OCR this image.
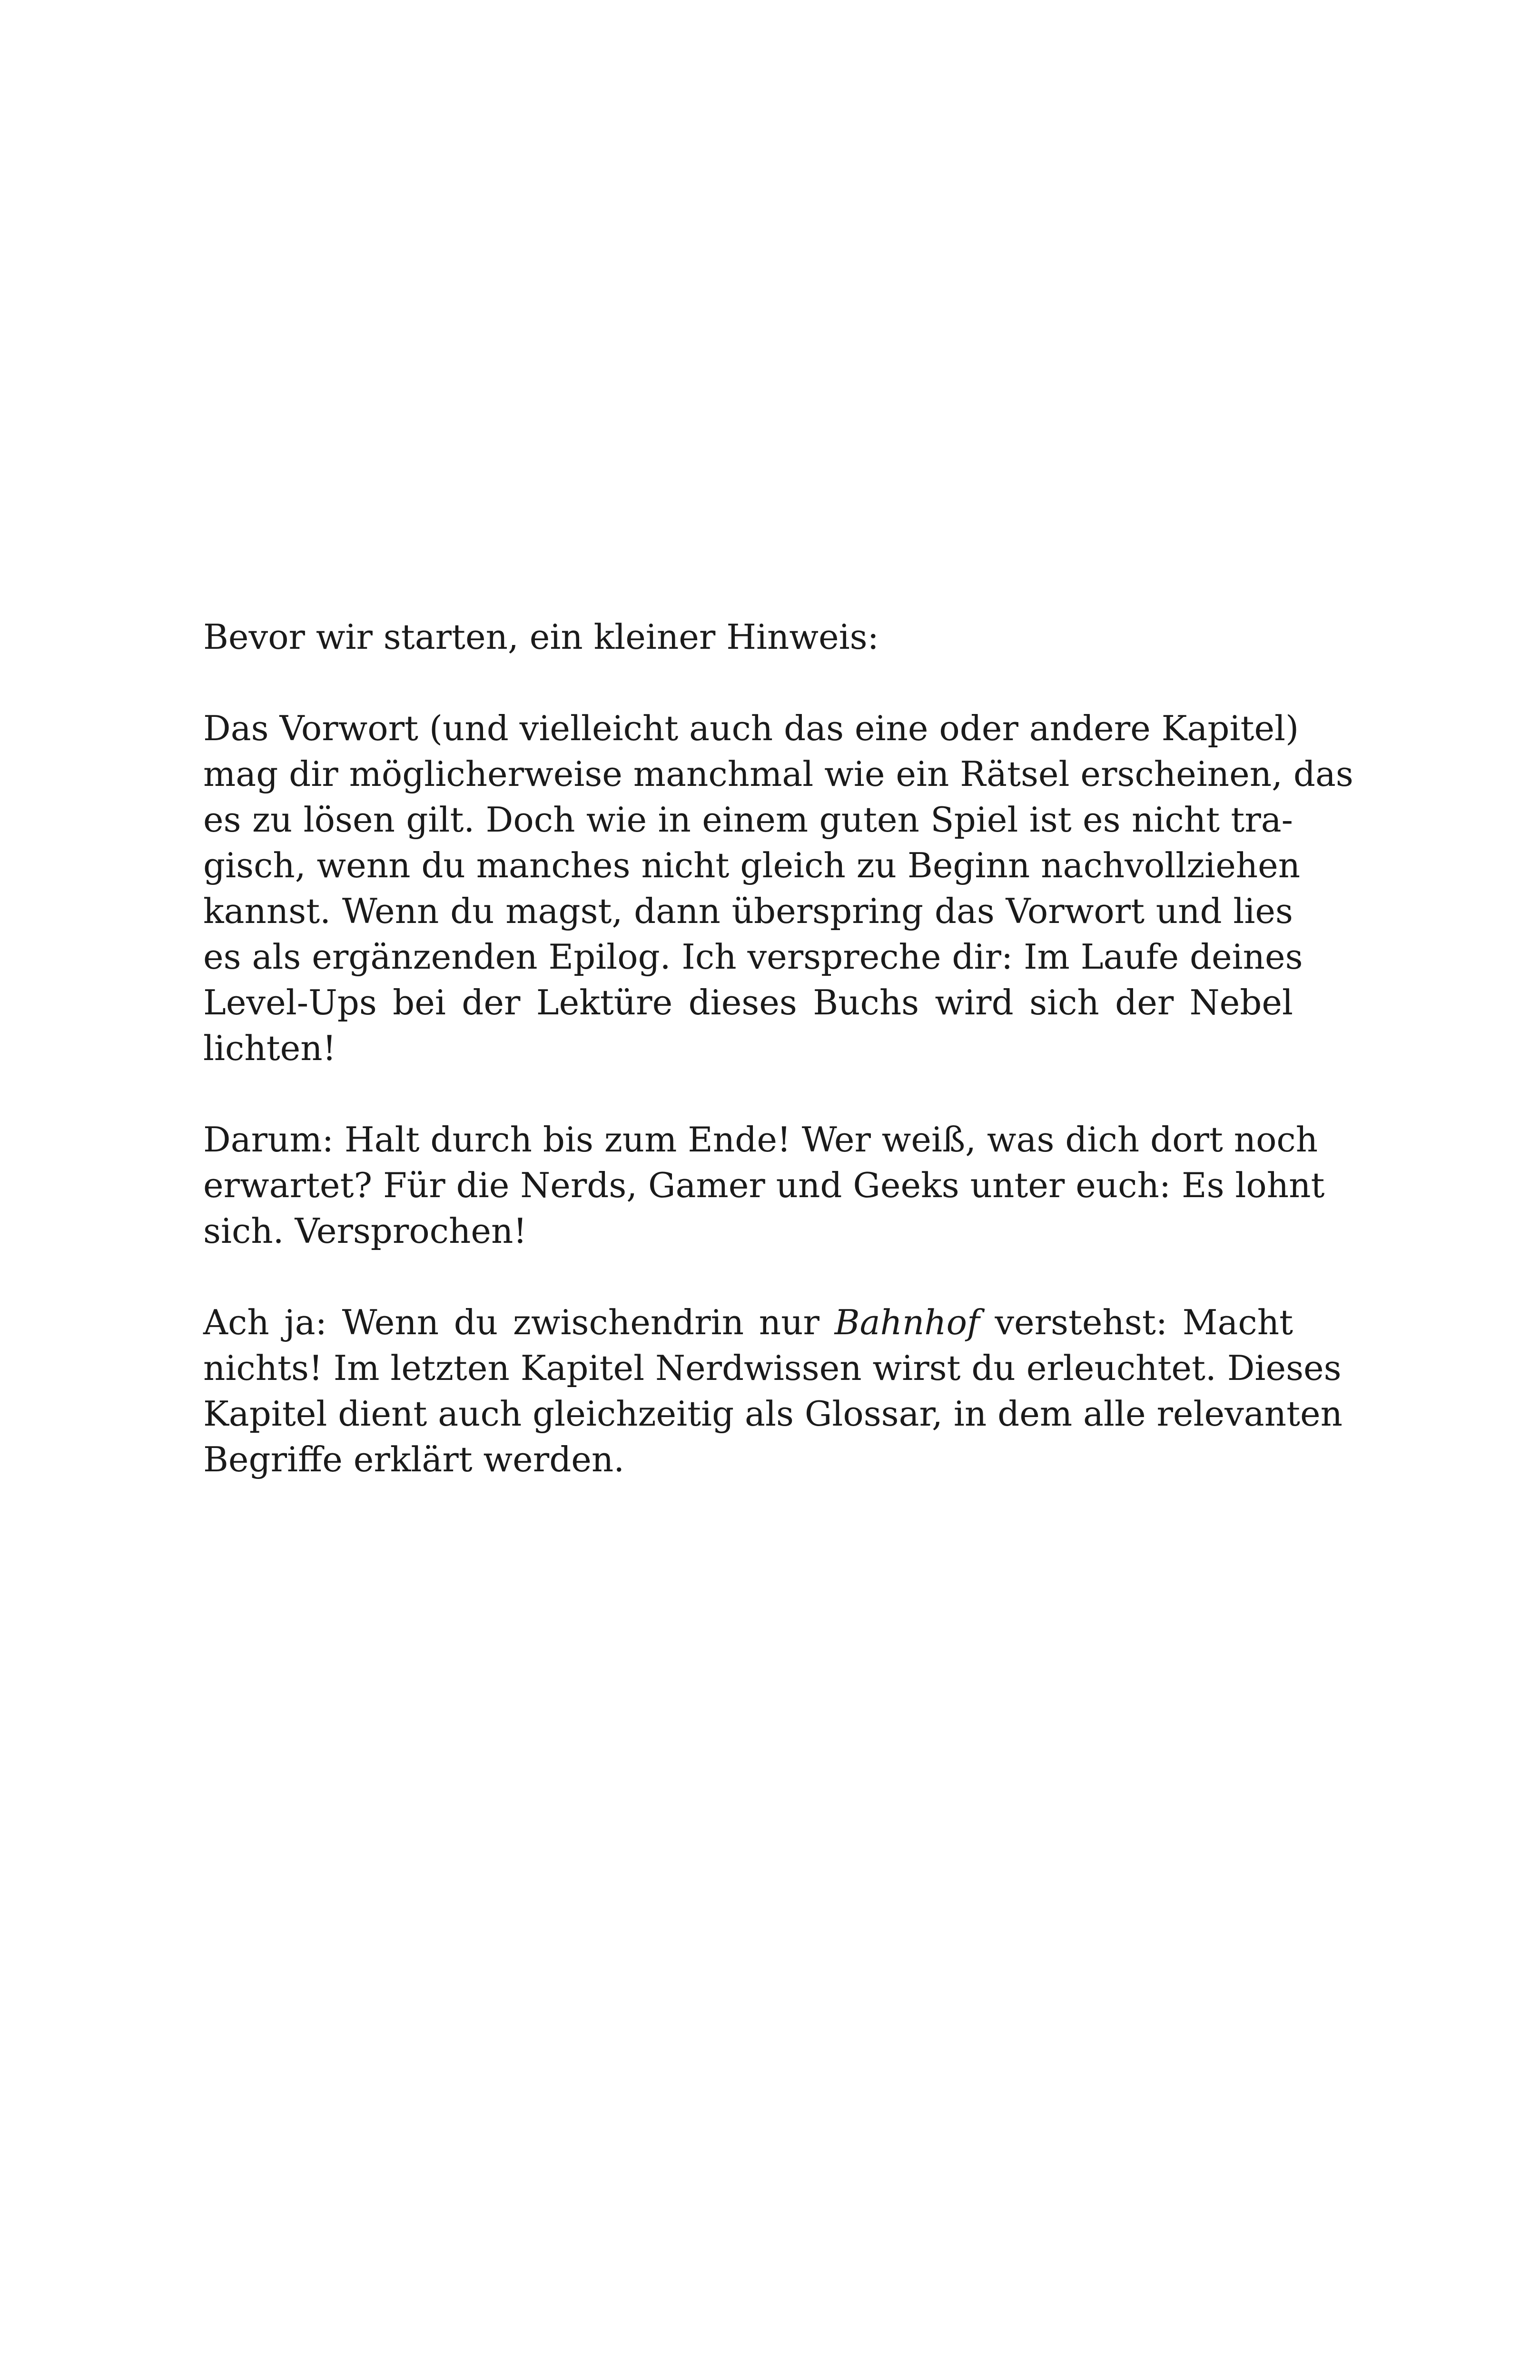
Bevor wir starten, ein kleiner Hinweis:

Das Vorwort (und vielleicht auch das eine oder andere Kapitel)
mag dir möglicherweise manchmal wie ein Rätsel erscheinen, das
es zu lösen gilt. Doch wie in einem guten Spiel ist es nicht tra-
gisch, wenn du manches nicht gleich zu Beginn nachvollziehen
kannst. Wenn du magst, dann überspring das Vorwort und lies
es als ergänzenden Epilog. Ich verspreche dir: Im Laufe deines
Level-Ups bei der Lektüre dieses Buchs wird sich der Nebel
lichten!

Darum: Halt durch bis zum Ende! Wer weiß, was dich dort noch
erwartet? Für die Nerds, Gamer und Geeks unter euch: Es lohnt
sich. Versprochen!

Ach ja: Wenn du zwischendrin nur Bahnhof verstehst: Macht
nichts! Im letzten Kapitel Nerdwissen wirst du erleuchtet. Dieses
Kapitel dient auch gleichzeitig als Glossar, in dem alle relevanten
Begriffe erklärt werden.
